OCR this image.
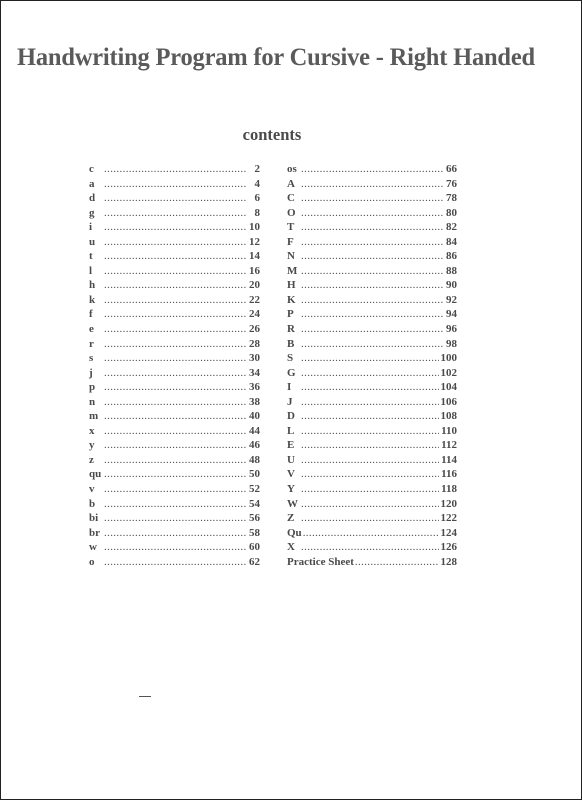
Handwriting Program for Cursive - Right Handed
contents
c .....	2
a .....	4
d .....	6
g .....	8
i .....	10
u .....	12
t .....	14
l .....	16
h .....	20
k .....	22
f .....	24
e .....	26
r .....	28
s .....	30
j .....	34
p .....	36
n .....	38
m .....	40
x .....	44
y .....	46
z .....	48
qu .....	50
v .....	52
b .....	54
bi .....	56
br .....	58
w .....	60
o .....	62
os .....	66
A .....	76
C .....	78
O .....	80
T .....	82
F .....	84
N .....	86
M .....	88
H .....	90
K .....	92
P .....	94
R .....	96
B .....	98
S .....	100
G .....	102
I .....	104
J .....	106
D .....	108
L .....	110
E .....	112
U .....	114
V .....	116
Y .....	118
W .....	120
Z .....	122
Qu .....	124
X .....	126
Practice Sheet .....	128
